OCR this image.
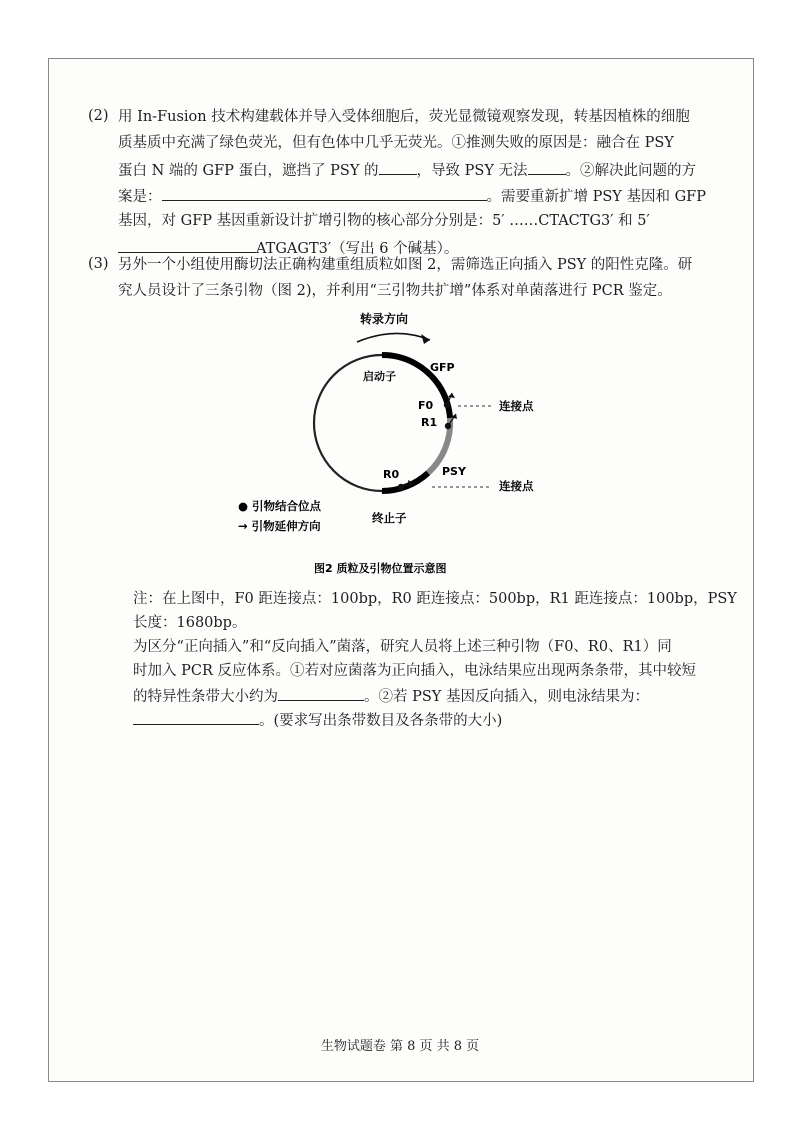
(2) 用 In-Fusion 技术构建载体并导入受体细胞后，荧光显微镜观察发现，转基因植株的细胞
质基质中充满了绿色荧光，但有色体中几乎无荧光。①推测失败的原因是：融合在 PSY
蛋白 N 端的 GFP 蛋白，遮挡了 PSY 的	，导致 PSY 无法	。②解决此问题的方
案是：	。需要重新扩增 PSY 基因和 GFP
基因，对 GFP 基因重新设计扩增引物的核心部分分别是：5′ ……CTACTG3′ 和 5′
ATGAGT3′（写出 6 个碱基）。
(3) 另外一个小组使用酶切法正确构建重组质粒如图 2，需筛选正向插入 PSY 的阳性克隆。研
究人员设计了三条引物（图 2)，并利用“三引物共扩增”体系对单菌落进行 PCR 鉴定。
转录方向
启动子
GFP
F0
R1
连接点
PSY
R0
连接点
终止子
● 引物结合位点
→ 引物延伸方向
图2 质粒及引物位置示意图
注：在上图中，F0 距连接点：100bp，R0 距连接点：500bp，R1 距连接点：100bp，PSY
长度：1680bp。
为区分“正向插入”和“反向插入”菌落，研究人员将上述三种引物（F0、R0、R1）同
时加入 PCR 反应体系。①若对应菌落为正向插入，电泳结果应出现两条条带，其中较短
的特异性条带大小约为	。②若 PSY 基因反向插入，则电泳结果为：
。(要求写出条带数目及各条带的大小)
生物试题卷 第 8 页 共 8 页
